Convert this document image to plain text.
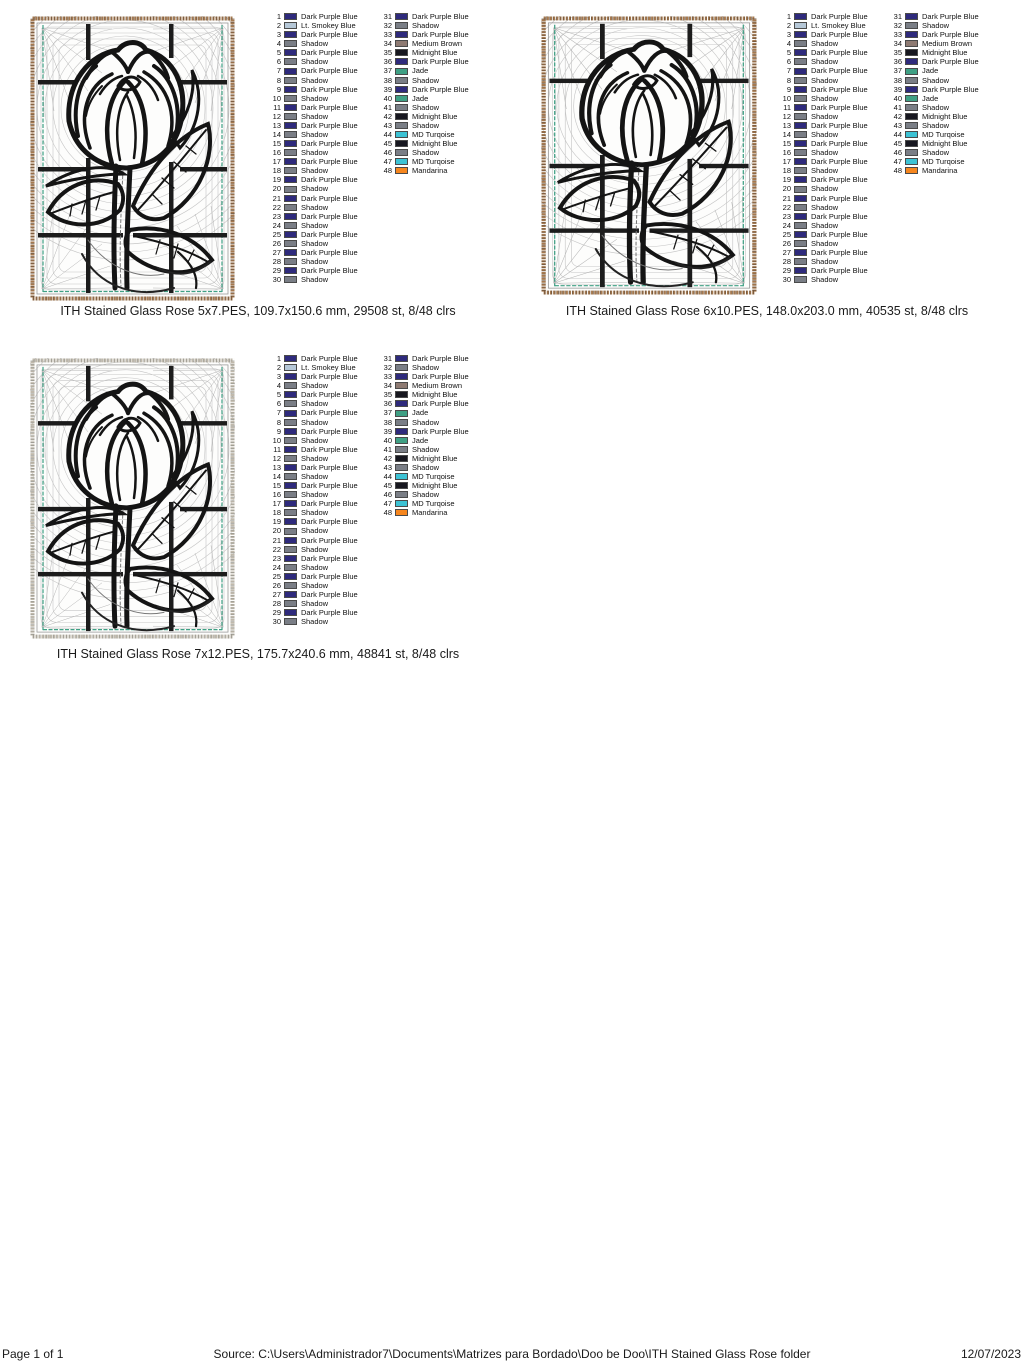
1	Dark Purple Blue
2	Lt. Smokey Blue
3	Dark Purple Blue
4	Shadow
5	Dark Purple Blue
6	Shadow
7	Dark Purple Blue
8	Shadow
9	Dark Purple Blue
10	Shadow
11	Dark Purple Blue
12	Shadow
13	Dark Purple Blue
14	Shadow
15	Dark Purple Blue
16	Shadow
17	Dark Purple Blue
18	Shadow
19	Dark Purple Blue
20	Shadow
21	Dark Purple Blue
22	Shadow
23	Dark Purple Blue
24	Shadow
25	Dark Purple Blue
26	Shadow
27	Dark Purple Blue
28	Shadow
29	Dark Purple Blue
30	Shadow
31	Dark Purple Blue
32	Shadow
33	Dark Purple Blue
34	Medium Brown
35	Midnight Blue
36	Dark Purple Blue
37	Jade
38	Shadow
39	Dark Purple Blue
40	Jade
41	Shadow
42	Midnight Blue
43	Shadow
44	MD Turqoise
45	Midnight Blue
46	Shadow
47	MD Turqoise
48	Mandarina
ITH Stained Glass Rose 5x7.PES, 109.7x150.6 mm, 29508 st, 8/48 clrs
1	Dark Purple Blue
2	Lt. Smokey Blue
3	Dark Purple Blue
4	Shadow
5	Dark Purple Blue
6	Shadow
7	Dark Purple Blue
8	Shadow
9	Dark Purple Blue
10	Shadow
11	Dark Purple Blue
12	Shadow
13	Dark Purple Blue
14	Shadow
15	Dark Purple Blue
16	Shadow
17	Dark Purple Blue
18	Shadow
19	Dark Purple Blue
20	Shadow
21	Dark Purple Blue
22	Shadow
23	Dark Purple Blue
24	Shadow
25	Dark Purple Blue
26	Shadow
27	Dark Purple Blue
28	Shadow
29	Dark Purple Blue
30	Shadow
31	Dark Purple Blue
32	Shadow
33	Dark Purple Blue
34	Medium Brown
35	Midnight Blue
36	Dark Purple Blue
37	Jade
38	Shadow
39	Dark Purple Blue
40	Jade
41	Shadow
42	Midnight Blue
43	Shadow
44	MD Turqoise
45	Midnight Blue
46	Shadow
47	MD Turqoise
48	Mandarina
ITH Stained Glass Rose 6x10.PES, 148.0x203.0 mm, 40535 st, 8/48 clrs
1	Dark Purple Blue
2	Lt. Smokey Blue
3	Dark Purple Blue
4	Shadow
5	Dark Purple Blue
6	Shadow
7	Dark Purple Blue
8	Shadow
9	Dark Purple Blue
10	Shadow
11	Dark Purple Blue
12	Shadow
13	Dark Purple Blue
14	Shadow
15	Dark Purple Blue
16	Shadow
17	Dark Purple Blue
18	Shadow
19	Dark Purple Blue
20	Shadow
21	Dark Purple Blue
22	Shadow
23	Dark Purple Blue
24	Shadow
25	Dark Purple Blue
26	Shadow
27	Dark Purple Blue
28	Shadow
29	Dark Purple Blue
30	Shadow
31	Dark Purple Blue
32	Shadow
33	Dark Purple Blue
34	Medium Brown
35	Midnight Blue
36	Dark Purple Blue
37	Jade
38	Shadow
39	Dark Purple Blue
40	Jade
41	Shadow
42	Midnight Blue
43	Shadow
44	MD Turqoise
45	Midnight Blue
46	Shadow
47	MD Turqoise
48	Mandarina
ITH Stained Glass Rose 7x12.PES, 175.7x240.6 mm, 48841 st, 8/48 clrs
Source: C:\Users\Administrador7\Documents\Matrizes para Bordado\Doo be Doo\ITH Stained Glass Rose folder
Page 1 of 1	12/07/2023
